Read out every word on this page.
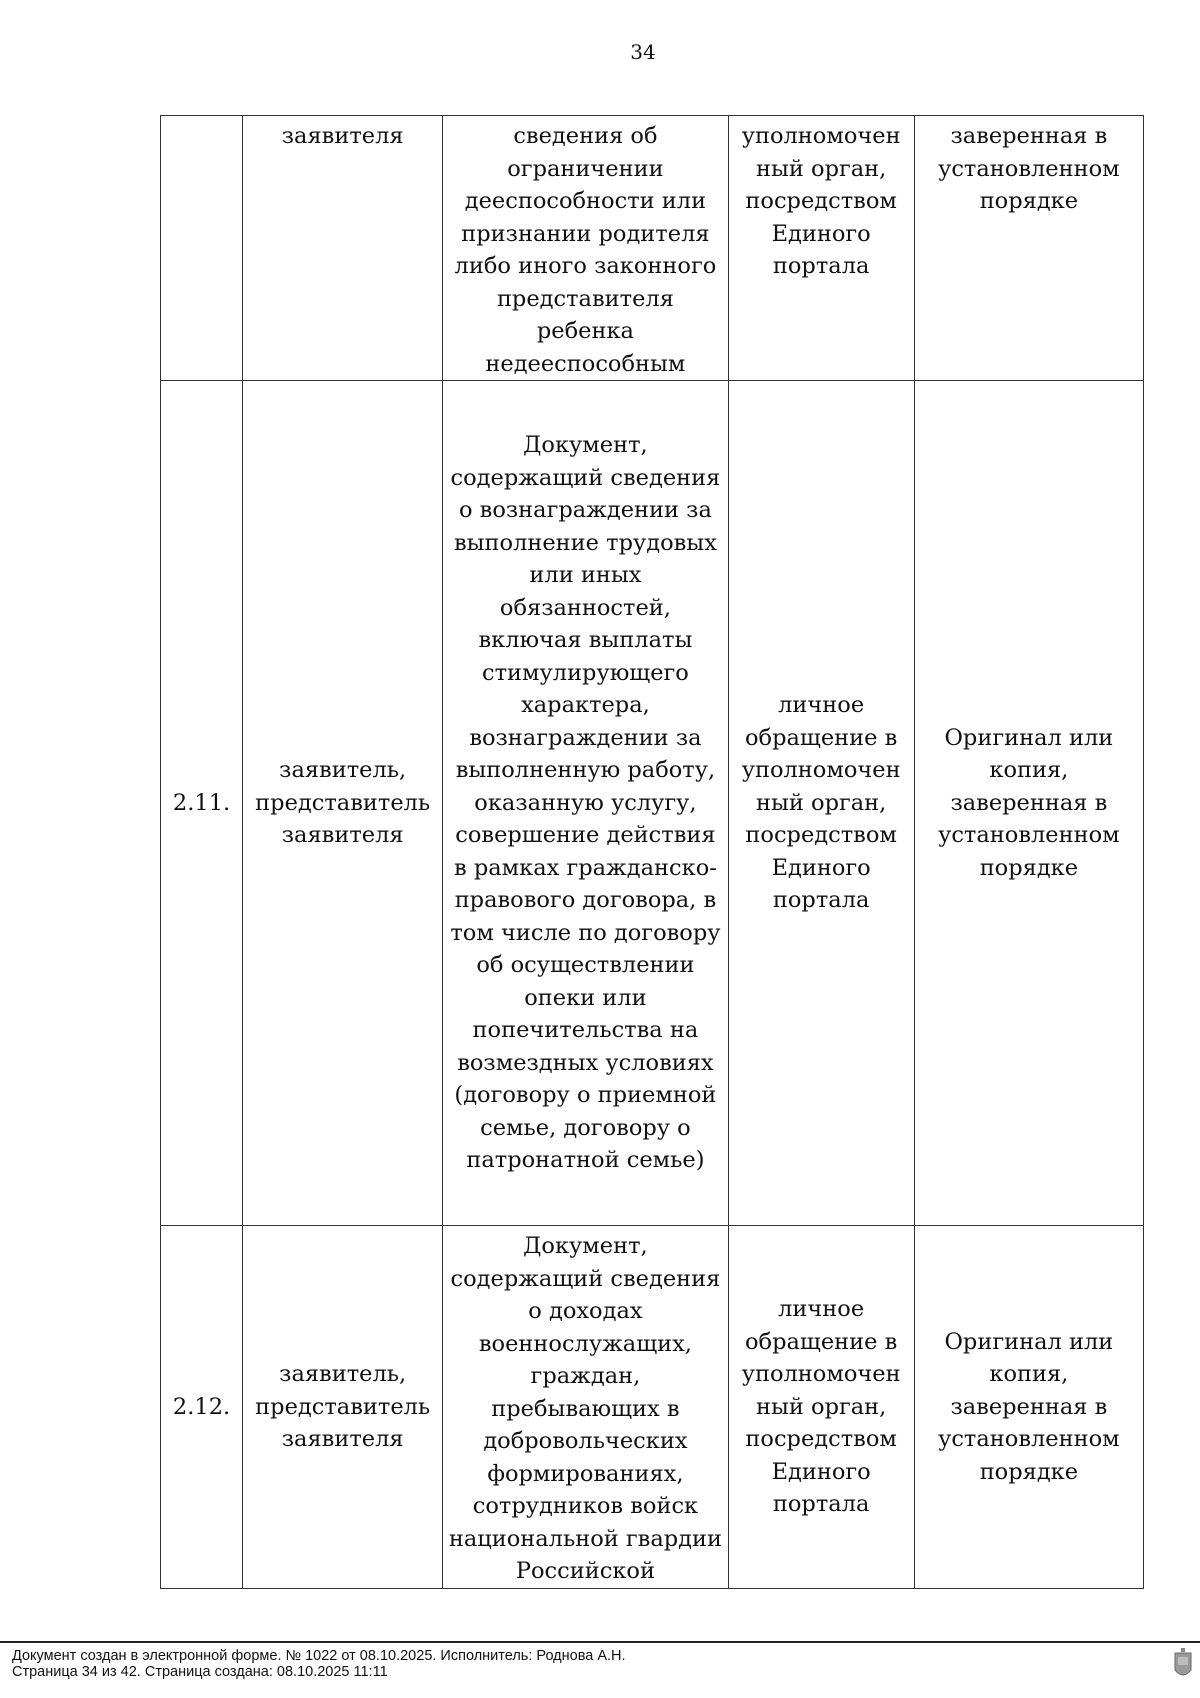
34
	заявителя	сведения об ограничении дееспособности или признании родителя либо иного законного представителя ребенка недееспособным	уполномочен ный орган, посредством Единого портала	заверенная в установленном порядке
2.11.	заявитель, представитель заявителя	Документ, содержащий сведения о вознаграждении за выполнение трудовых или иных обязанностей, включая выплаты стимулирующего характера, вознаграждении за выполненную работу, оказанную услугу, совершение действия в рамках гражданско-правового договора, в том числе по договору об осуществлении опеки или попечительства на возмездных условиях (договору о приемной семье, договору о патронатной семье)	личное обращение в уполномочен ный орган, посредством Единого портала	Оригинал или копия, заверенная в установленном порядке
2.12.	заявитель, представитель заявителя	Документ, содержащий сведения о доходах военнослужащих, граждан, пребывающих в добровольческих формированиях, сотрудников войск национальной гвардии Российской	личное обращение в уполномочен ный орган, посредством Единого портала	Оригинал или копия, заверенная в установленном порядке
Документ создан в электронной форме. № 1022 от 08.10.2025. Исполнитель: Роднова А.Н.
Страница 34 из 42. Страница создана: 08.10.2025 11:11
